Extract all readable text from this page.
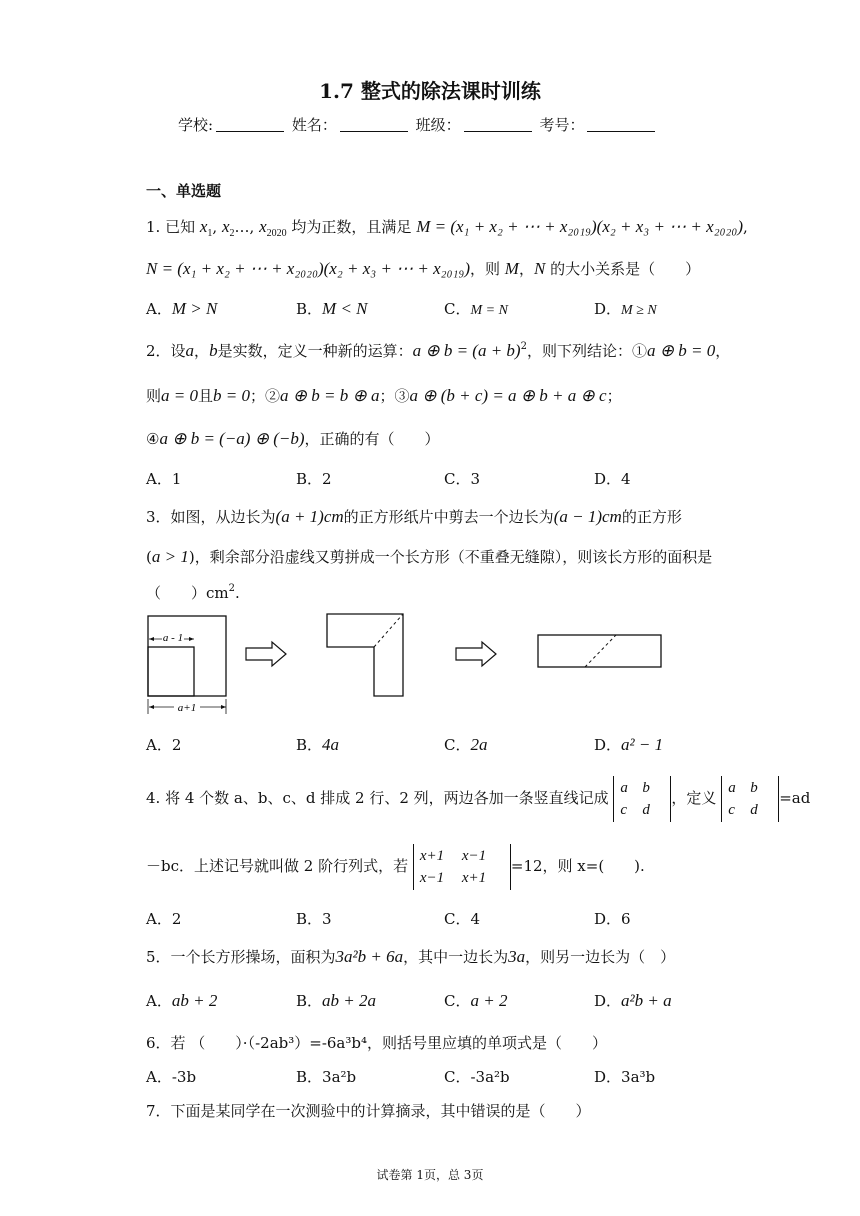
1.7 整式的除法课时训练
学校:	姓名：	班级：	考号：
一、单选题
1. 已知 $x_1$, $x_2\dots$, $x_{2020}$ 均为正数，且满足 M = (x₁ + x₂ + ⋯ + x₂₀₁₉)(x₂ + x₃ + ⋯ + x₂₀₂₀),
N = (x₁ + x₂ + ⋯ + x₂₀₂₀)(x₂ + x₃ + ⋯ + x₂₀₁₉)，则 M，N 的大小关系是（　　）
A．M > N	B．M < N	C．M = N	D．M ≥ N
2．设a，b是实数，定义一种新的运算：a ⊕ $b = (a + b)^2$，则下列结论：①a ⊕ b = 0，
则a = 0且b = 0；②a ⊕ b = b ⊕ a；③a ⊕ (b + c) = a ⊕ b + a ⊕ c；
④a ⊕ b = (−a) ⊕ (−b)，正确的有（　　）
A．1	B．2	C．3	D．4
3．如图，从边长为(a + 1)cm的正方形纸片中剪去一个边长为(a − 1)cm的正方形
(a > 1)，剩余部分沿虚线又剪拼成一个长方形（不重叠无缝隙），则该长方形的面积是
（　　）$cm^2$.
a - 1
a+1
A．2	B．4a	C．2a	D．a² − 1
4. 将 4 个数 a、b、c、d 排成 2 行、2 列，两边各加一条竖直线记成 a b
c d，定义 a b
c d=ad
－bc．上述记号就叫做 2 阶行列式，若 x+1 x−1
x−1 x+1=12，则 x=(　　).
A．2	B．3	C．4	D．6
5．一个长方形操场，面积为3a²b + 6a，其中一边长为3a，则另一边长为（　）
A．ab + 2	B．ab + 2a	C．a + 2	D．a²b + a
6．若 （　　）·（-2ab³）=-6a³b⁴，则括号里应填的单项式是（　　）
A．-3b	B．3a²b	C．-3a²b	D．3a³b
7．下面是某同学在一次测验中的计算摘录，其中错误的是（　　）
试卷第 1页，总 3页
